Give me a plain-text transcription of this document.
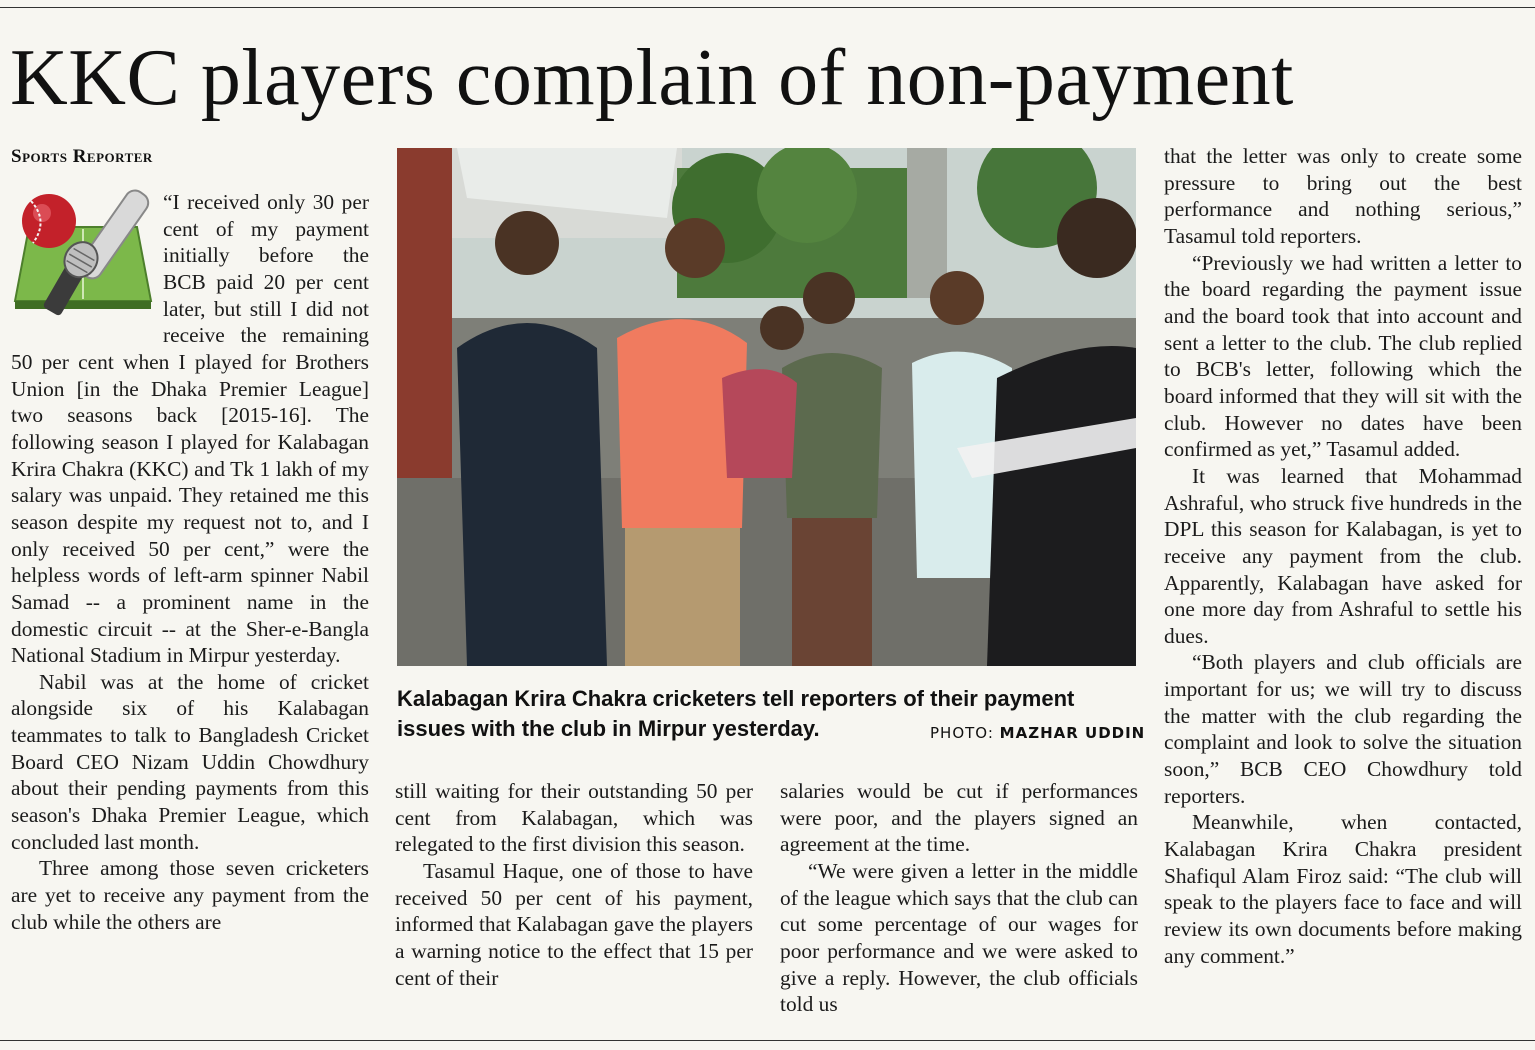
KKC players complain of non-payment
Sports Reporter

“I received only 30 per cent of my payment initially before the BCB paid 20 per cent later, but still I did not receive the remaining 50 per cent when I played for Brothers Union [in the Dhaka Premier League] two seasons back [2015-16]. The following season I played for Kalabagan Krira Chakra (KKC) and Tk 1 lakh of my salary was unpaid. They retained me this season despite my request not to, and I only received 50 per cent,” were the helpless words of left-arm spinner Nabil Samad -- a prominent name in the domestic circuit -- at the Sher-e-Bangla National Stadium in Mirpur yesterday.

Nabil was at the home of cricket alongside six of his Kalabagan teammates to talk to Bangladesh Cricket Board CEO Nizam Uddin Chowdhury about their pending payments from this season's Dhaka Premier League, which concluded last month.

Three among those seven cricketers are yet to receive any payment from the club while the others are

Kalabagan Krira Chakra cricketers tell reporters of their payment issues with the club in Mirpur yesterday.	PHOTO: MAZHAR UDDIN

still waiting for their outstanding 50 per cent from Kalabagan, which was relegated to the first division this season.

Tasamul Haque, one of those to have received 50 per cent of his payment, informed that Kalabagan gave the players a warning notice to the effect that 15 per cent of their

salaries would be cut if performances were poor, and the players signed an agreement at the time.

“We were given a letter in the middle of the league which says that the club can cut some percentage of our wages for poor performance and we were asked to give a reply. However, the club officials told us

that the letter was only to create some pressure to bring out the best performance and nothing serious,” Tasamul told reporters.

“Previously we had written a letter to the board regarding the payment issue and the board took that into account and sent a letter to the club. The club replied to BCB's letter, following which the board informed that they will sit with the club. However no dates have been confirmed as yet,” Tasamul added.

It was learned that Mohammad Ashraful, who struck five hundreds in the DPL this season for Kalabagan, is yet to receive any payment from the club. Apparently, Kalabagan have asked for one more day from Ashraful to settle his dues.

“Both players and club officials are important for us; we will try to discuss the matter with the club regarding the complaint and look to solve the situation soon,” BCB CEO Chowdhury told reporters.

Meanwhile, when contacted, Kalabagan Krira Chakra president Shafiqul Alam Firoz said: “The club will speak to the players face to face and will review its own documents before making any comment.”
